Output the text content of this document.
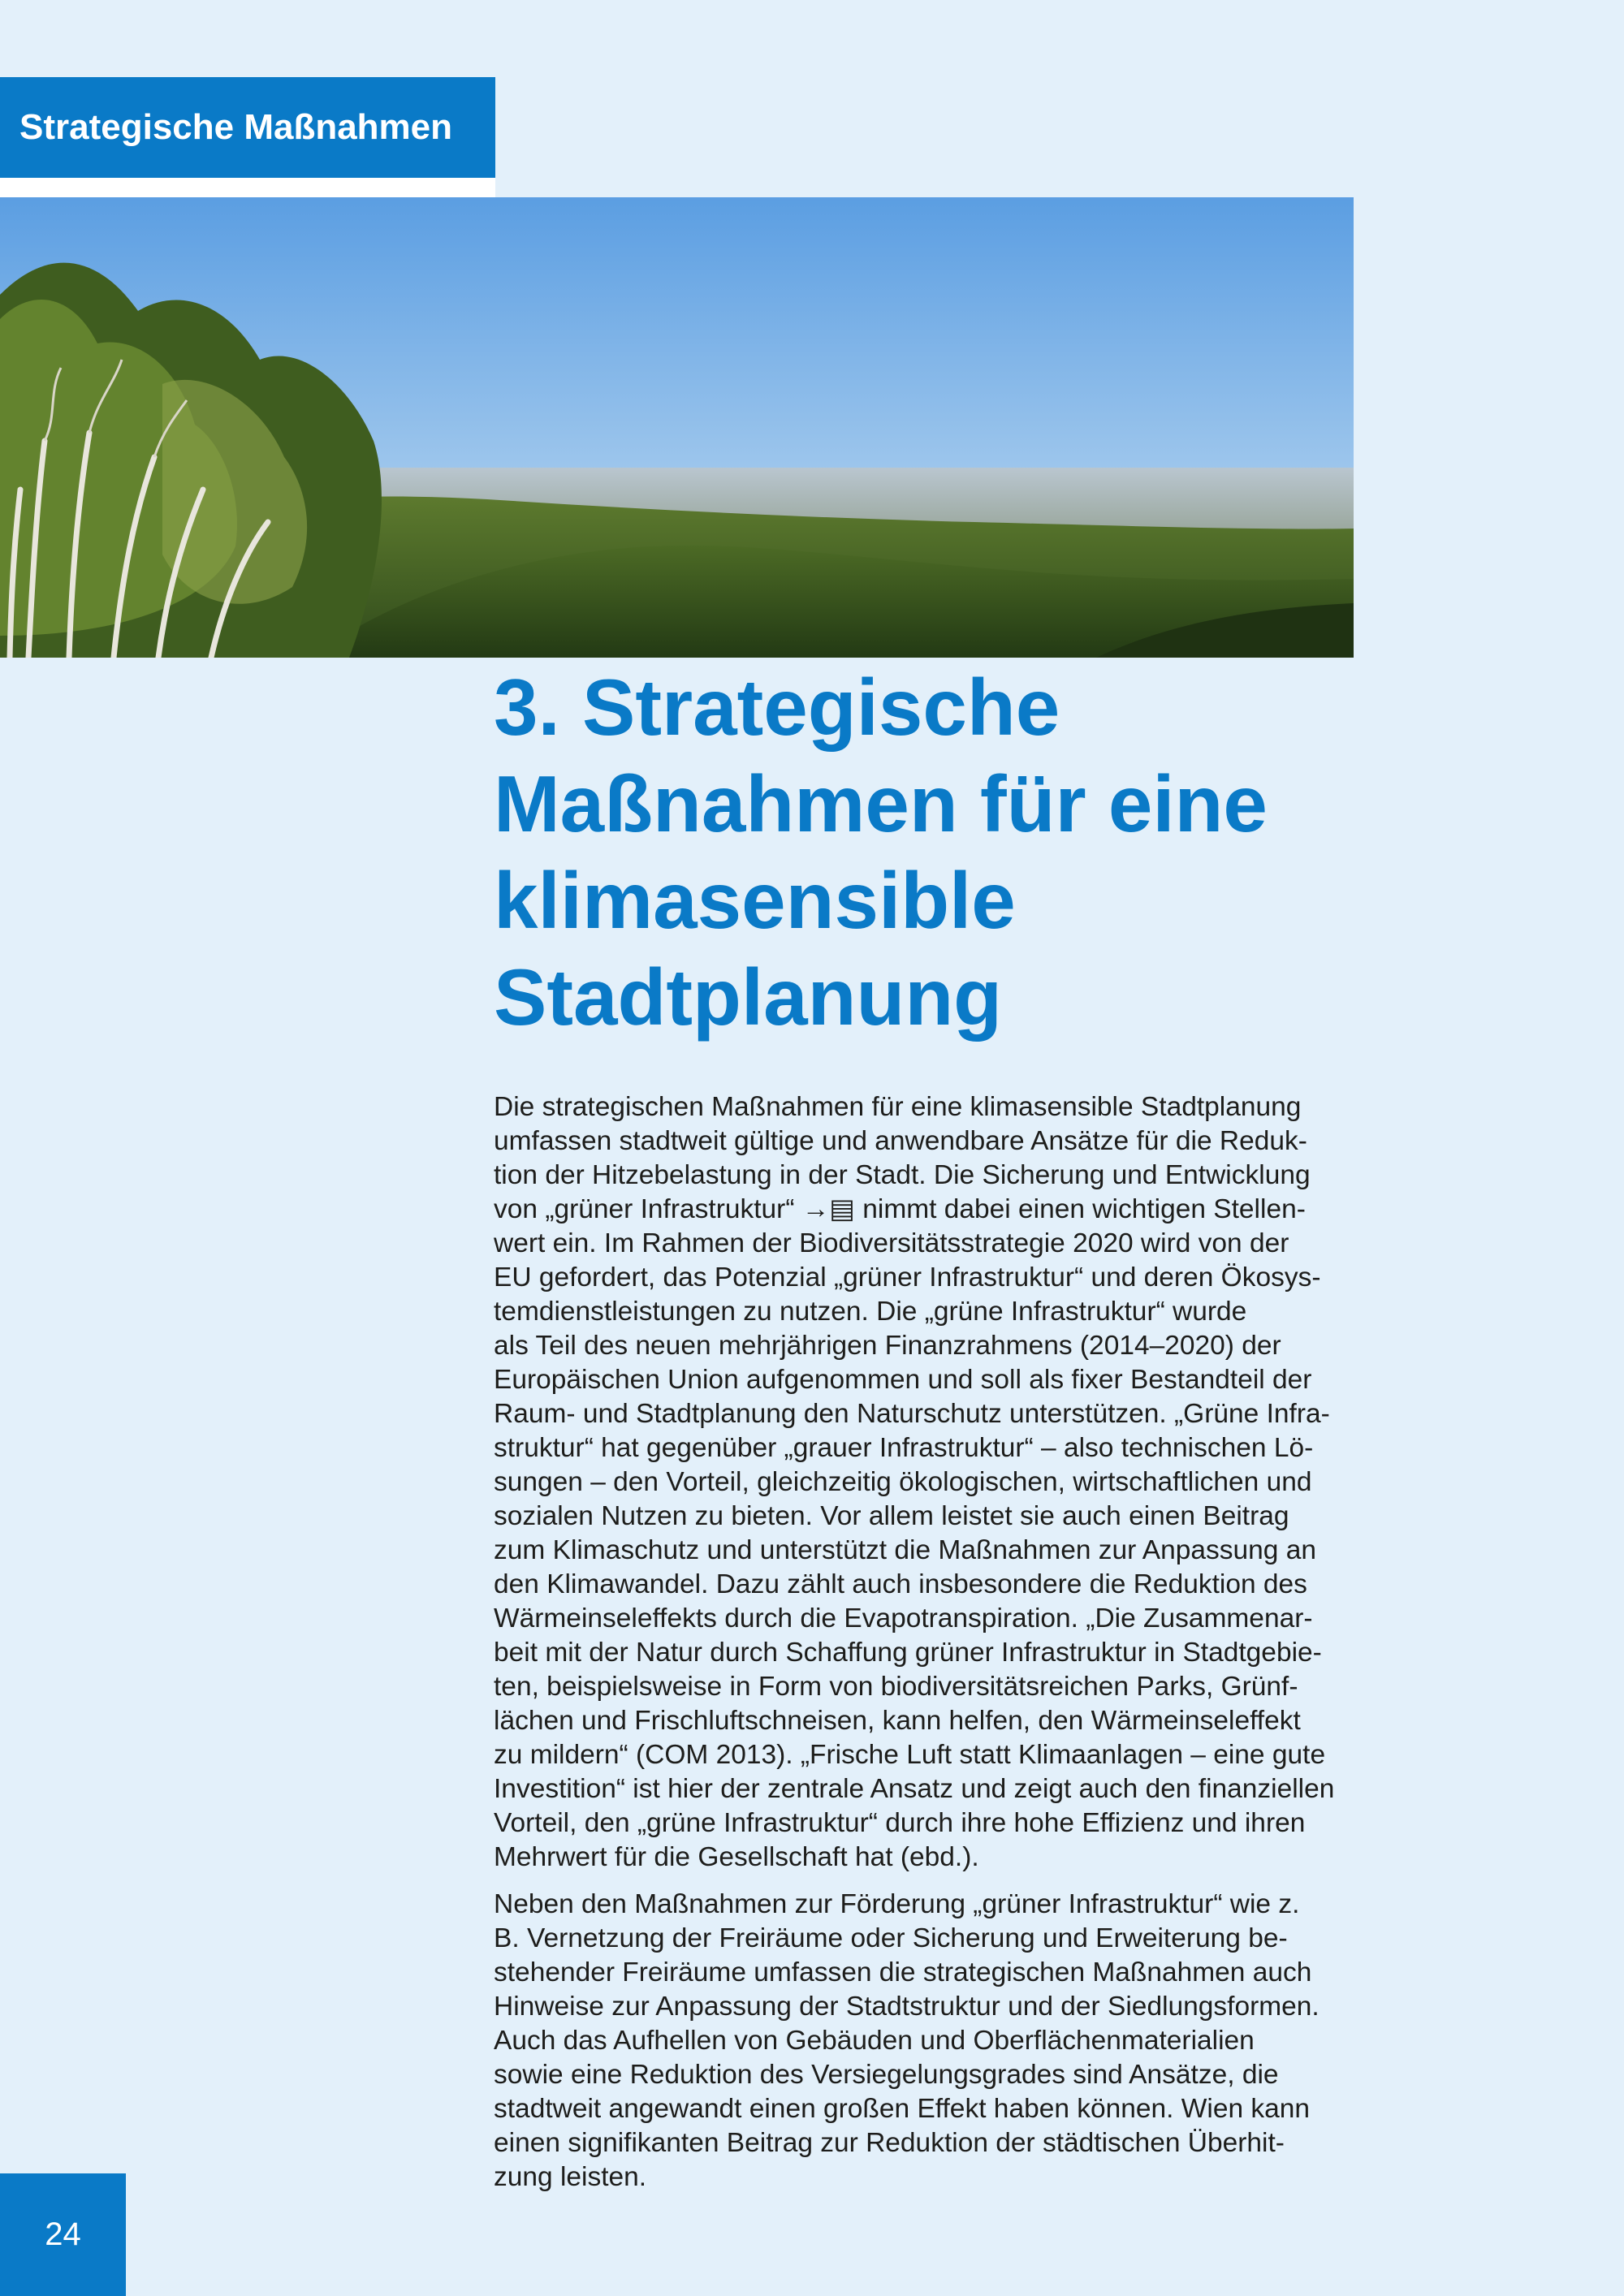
Strategische Maßnahmen
3. Strategische
Maßnahmen für eine
klimasensible
Stadtplanung

Die strategischen Maßnahmen für eine klimasensible Stadtplanung
umfassen stadtweit gültige und anwendbare Ansätze für die Reduk-
tion der Hitzebelastung in der Stadt. Die Sicherung und Entwicklung
von „grüner Infrastruktur“ →▤ nimmt dabei einen wichtigen Stellen-
wert ein. Im Rahmen der Biodiversitätsstrategie 2020 wird von der
EU gefordert, das Potenzial „grüner Infrastruktur“ und deren Ökosys-
temdienstleistungen zu nutzen. Die „grüne Infrastruktur“ wurde
als Teil des neuen mehrjährigen Finanzrahmens (2014–2020) der
Europäischen Union aufgenommen und soll als fixer Bestandteil der
Raum- und Stadtplanung den Naturschutz unterstützen. „Grüne Infra-
struktur“ hat gegenüber „grauer Infrastruktur“ – also technischen Lö-
sungen – den Vorteil, gleichzeitig ökologischen, wirtschaftlichen und
sozialen Nutzen zu bieten. Vor allem leistet sie auch einen Beitrag
zum Klimaschutz und unterstützt die Maßnahmen zur Anpassung an
den Klimawandel. Dazu zählt auch insbesondere die Reduktion des
Wärmeinseleffekts durch die Evapotranspiration. „Die Zusammenar-
beit mit der Natur durch Schaffung grüner Infrastruktur in Stadtgebie-
ten, beispielsweise in Form von biodiversitätsreichen Parks, Grünf-
lächen und Frischluftschneisen, kann helfen, den Wärmeinseleffekt
zu mildern“ (COM 2013). „Frische Luft statt Klimaanlagen – eine gute
Investition“ ist hier der zentrale Ansatz und zeigt auch den finanziellen
Vorteil, den „grüne Infrastruktur“ durch ihre hohe Effizienz und ihren
Mehrwert für die Gesellschaft hat (ebd.).

Neben den Maßnahmen zur Förderung „grüner Infrastruktur“ wie z.
B. Vernetzung der Freiräume oder Sicherung und Erweiterung be-
stehender Freiräume umfassen die strategischen Maßnahmen auch
Hinweise zur Anpassung der Stadtstruktur und der Siedlungsformen.
Auch das Aufhellen von Gebäuden und Oberflächenmaterialien
sowie eine Reduktion des Versiegelungsgrades sind Ansätze, die
stadtweit angewandt einen großen Effekt haben können. Wien kann
einen signifikanten Beitrag zur Reduktion der städtischen Überhit-
zung leisten.

24
